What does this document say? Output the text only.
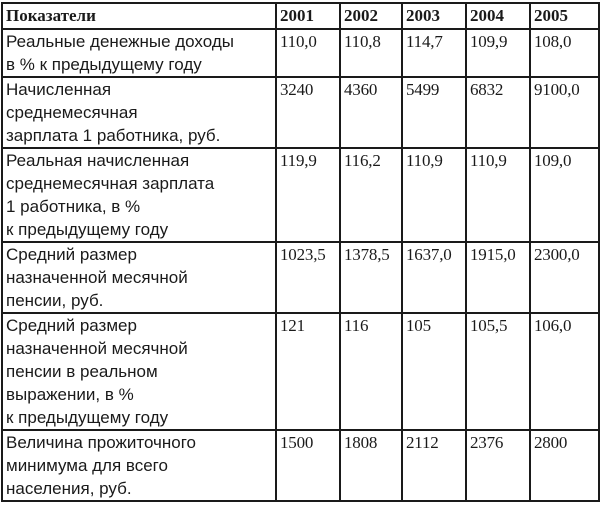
Показатели	2001	2002	2003	2004	2005
Реальные денежные доходы
в % к предыдущему году	110,0	110,8	114,7	109,9	108,0
Начисленная
среднемесячная
зарплата 1 работника, руб.	3240	4360	5499	6832	9100,0
Реальная начисленная
среднемесячная зарплата
1 работника, в %
к предыдущему году	119,9	116,2	110,9	110,9	109,0
Средний размер
назначенной месячной
пенсии, руб.	1023,5	1378,5	1637,0	1915,0	2300,0
Средний размер
назначенной месячной
пенсии в реальном
выражении, в %
к предыдущему году	121	116	105	105,5	106,0
Величина прожиточного
минимума для всего
населения, руб.	1500	1808	2112	2376	2800
